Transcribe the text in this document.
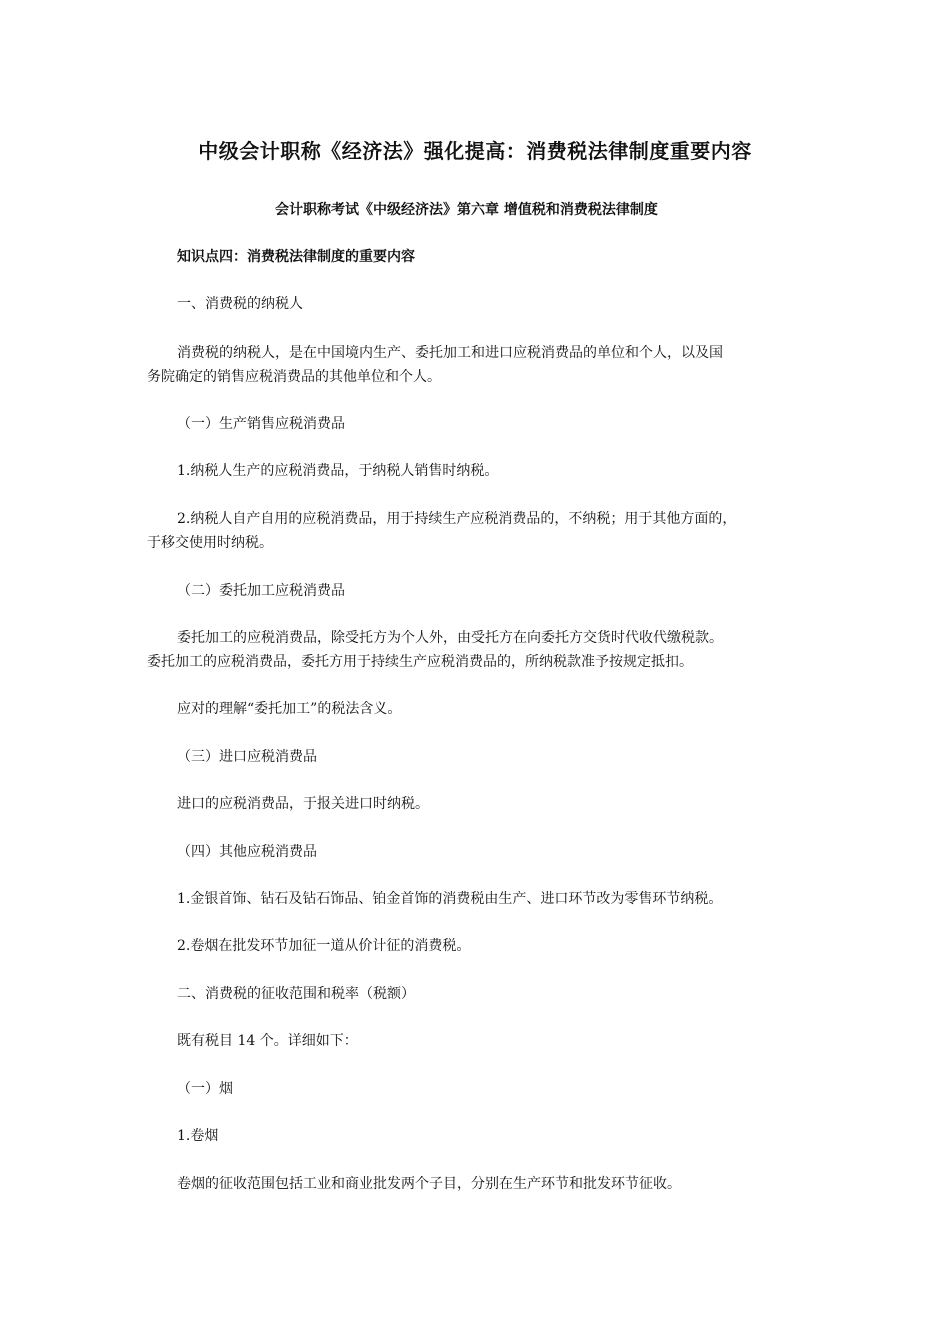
中级会计职称《经济法》强化提高：消费税法律制度重要内容
会计职称考试《中级经济法》第六章 增值税和消费税法律制度
知识点四：消费税法律制度的重要内容
一、消费税的纳税人
消费税的纳税人，是在中国境内生产、委托加工和进口应税消费品的单位和个人，以及国
务院确定的销售应税消费品的其他单位和个人。
（一）生产销售应税消费品
1.纳税人生产的应税消费品，于纳税人销售时纳税。
2.纳税人自产自用的应税消费品，用于持续生产应税消费品的，不纳税；用于其他方面的，
于移交使用时纳税。
（二）委托加工应税消费品
委托加工的应税消费品，除受托方为个人外，由受托方在向委托方交货时代收代缴税款。
委托加工的应税消费品，委托方用于持续生产应税消费品的，所纳税款准予按规定抵扣。
应对的理解“委托加工”的税法含义。
（三）进口应税消费品
进口的应税消费品，于报关进口时纳税。
（四）其他应税消费品
1.金银首饰、钻石及钻石饰品、铂金首饰的消费税由生产、进口环节改为零售环节纳税。
2.卷烟在批发环节加征一道从价计征的消费税。
二、消费税的征收范围和税率（税额）
既有税目 14 个。详细如下：
（一）烟
1.卷烟
卷烟的征收范围包括工业和商业批发两个子目，分别在生产环节和批发环节征收。
